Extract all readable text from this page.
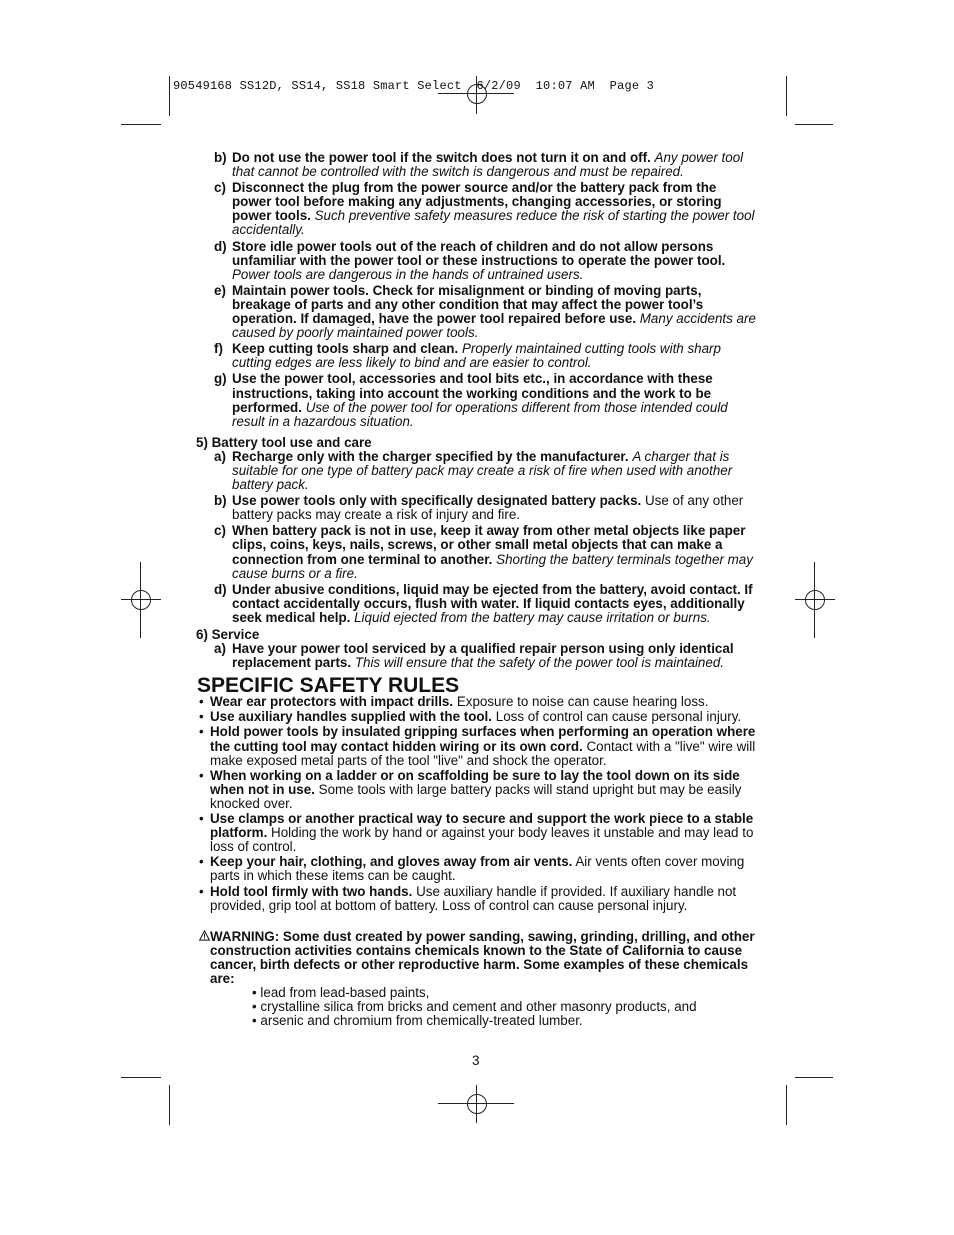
90549168 SS12D, SS14, SS18 Smart Select  6/2/09  10:07 AM  Page 3
b) Do not use the power tool if the switch does not turn it on and off. Any power tool that cannot be controlled with the switch is dangerous and must be repaired.
c) Disconnect the plug from the power source and/or the battery pack from the power tool before making any adjustments, changing accessories, or storing power tools. Such preventive safety measures reduce the risk of starting the power tool accidentally.
d) Store idle power tools out of the reach of children and do not allow persons unfamiliar with the power tool or these instructions to operate the power tool. Power tools are dangerous in the hands of untrained users.
e) Maintain power tools. Check for misalignment or binding of moving parts, breakage of parts and any other condition that may affect the power tool’s operation. If damaged, have the power tool repaired before use. Many accidents are caused by poorly maintained power tools.
f) Keep cutting tools sharp and clean. Properly maintained cutting tools with sharp cutting edges are less likely to bind and are easier to control.
g) Use the power tool, accessories and tool bits etc., in accordance with these instructions, taking into account the working conditions and the work to be performed. Use of the power tool for operations different from those intended could result in a hazardous situation.
5) Battery tool use and care
a) Recharge only with the charger specified by the manufacturer. A charger that is suitable for one type of battery pack may create a risk of fire when used with another battery pack.
b) Use power tools only with specifically designated battery packs. Use of any other battery packs may create a risk of injury and fire.
c) When battery pack is not in use, keep it away from other metal objects like paper clips, coins, keys, nails, screws, or other small metal objects that can make a connection from one terminal to another. Shorting the battery terminals together may cause burns or a fire.
d) Under abusive conditions, liquid may be ejected from the battery, avoid contact. If contact accidentally occurs, flush with water. If liquid contacts eyes, additionally seek medical help. Liquid ejected from the battery may cause irritation or burns.
6) Service
a) Have your power tool serviced by a qualified repair person using only identical replacement parts. This will ensure that the safety of the power tool is maintained.
SPECIFIC SAFETY RULES
• Wear ear protectors with impact drills. Exposure to noise can cause hearing loss.
• Use auxiliary handles supplied with the tool. Loss of control can cause personal injury.
• Hold power tools by insulated gripping surfaces when performing an operation where the cutting tool may contact hidden wiring or its own cord. Contact with a "live" wire will make exposed metal parts of the tool "live" and shock the operator.
• When working on a ladder or on scaffolding be sure to lay the tool down on its side when not in use. Some tools with large battery packs will stand upright but may be easily knocked over.
• Use clamps or another practical way to secure and support the work piece to a stable platform. Holding the work by hand or against your body leaves it unstable and may lead to loss of control.
• Keep your hair, clothing, and gloves away from air vents. Air vents often cover moving parts in which these items can be caught.
• Hold tool firmly with two hands. Use auxiliary handle if provided. If auxiliary handle not provided, grip tool at bottom of battery. Loss of control can cause personal injury.
WARNING: Some dust created by power sanding, sawing, grinding, drilling, and other construction activities contains chemicals known to the State of California to cause cancer, birth defects or other reproductive harm. Some examples of these chemicals are:
• lead from lead-based paints,
• crystalline silica from bricks and cement and other masonry products, and
• arsenic and chromium from chemically-treated lumber.
3
